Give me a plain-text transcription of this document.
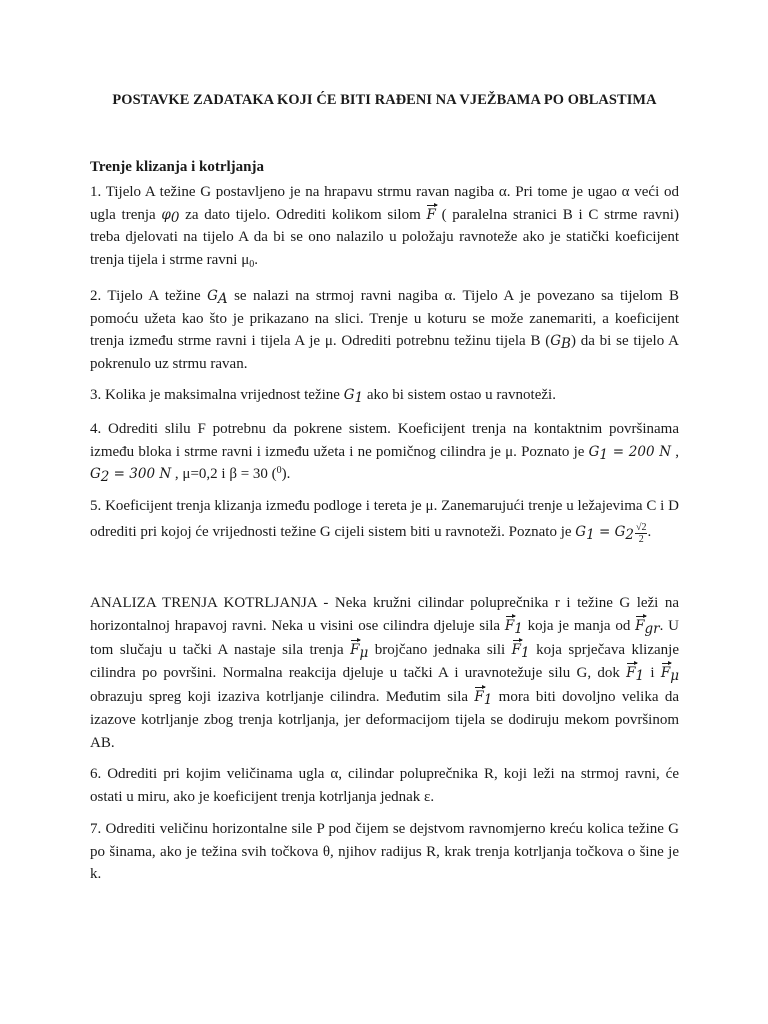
POSTAVKE ZADATAKA KOJI ĆE BITI RAĐENI NA VJEŽBAMA PO OBLASTIMA
Trenje klizanja i kotrljanja

1. Tijelo A težine G postavljeno je na hrapavu strmu ravan nagiba α. Pri tome je ugao α veći od ugla trenja $\varphi_0$ za dato tijelo. Odrediti kolikom silom F ( paralelna stranici B i C strme ravni) treba djelovati na tijelo A da bi se ono nalazilo u položaju ravnoteže ako je statički koeficijent trenja tijela i strme ravni $\mu_0$.

2. Tijelo A težine $G_A$ se nalazi na strmoj ravni nagiba α. Tijelo A je povezano sa tijelom B pomoću užeta kao što je prikazano na slici. Trenje u koturu se može zanemariti, a koeficijent trenja između strme ravni i tijela A je μ. Odrediti potrebnu težinu tijela B $(G_B)$ da bi se tijelo A pokrenulo uz strmu ravan.

3. Kolika je maksimalna vrijednost težine $G_1$ ako bi sistem ostao u ravnoteži.

4. Odrediti slilu F potrebnu da pokrene sistem. Koeficijent trenja na kontaktnim površinama između bloka i strme ravni i između užeta i ne pomičnog cilindra je μ. Poznato je $G_1 = 200$ N , $G_2 = 300$ N , μ=0,2 i β = 30 ($^0$).

5. Koeficijent trenja klizanja između podloge i tereta je μ. Zanemarujući trenje u ležajevima C i D odrediti pri kojoj će vrijednosti težine G cijeli sistem biti u ravnoteži. Poznato je $G_1 = G_2 \frac{√2}{2}$ .

ANALIZA TRENJA KOTRLJANJA - Neka kružni cilindar poluprečnika r i težine G leži na horizontalnoj hrapavoj ravni. Neka u visini ose cilindra djeluje sila $F_1$ koja je manja od $F_{gr}$. U tom slučaju u tački A nastaje sila trenja $F_\mu$ brojčano jednaka sili $F_1$ koja sprječava klizanje cilindra po površini. Normalna reakcija djeluje u tački A i uravnotežuje silu G, dok $F_1$ i $F_\mu$ obrazuju spreg koji izaziva kotrljanje cilindra. Međutim sila $F_1$ mora biti dovoljno velika da izazove kotrljanje zbog trenja kotrljanja, jer deformacijom tijela se dodiruju mekom površinom AB.

6. Odrediti pri kojim veličinama ugla α, cilindar poluprečnika R, koji leži na strmoj ravni, će ostati u miru, ako je koeficijent trenja kotrljanja jednak ε.

7. Odrediti veličinu horizontalne sile P pod čijem se dejstvom ravnomjerno kreću kolica težine G po šinama, ako je težina svih točkova θ, njihov radijus R, krak trenja kotrljanja točkova o šine je k.
